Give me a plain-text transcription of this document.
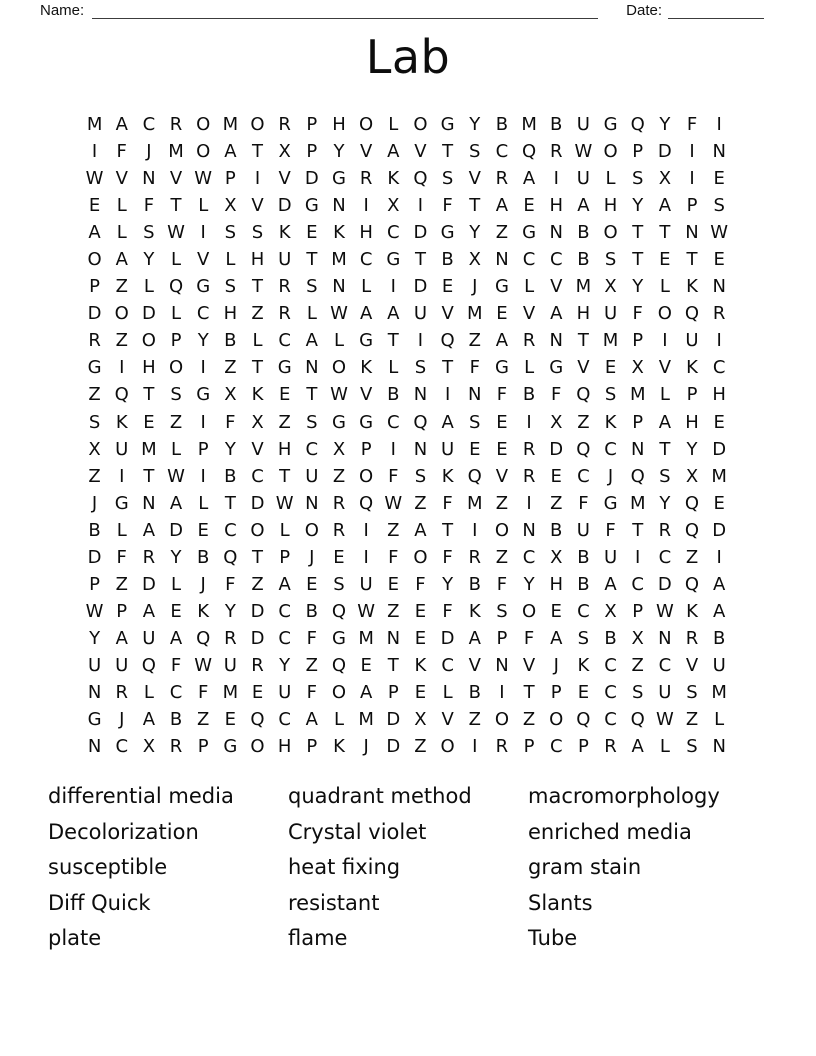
Name:	Date:
Lab
M A C R O M O R P H O L O G Y B M B U G Q Y F	I
I	F	J M O A T X P Y V A V T S C Q R W O P D I N
W V N V W P	I	V D G R K Q S V R A	I U L S X	I	E
E L F T L X V D G N I	X	I	F T A E H A H Y A P S
A L S W I	S S K E K H C D G Y Z G N B O T T N W
O A Y L V L H U T M C G T B X N C C B S T E T E
P Z L Q G S T R S N L	I D E	J G L V M X Y L K N
D O D L C H Z R L W A A U V M E V A H U F O Q R
R Z O P Y B L C A L G T	I Q Z A R N T M P	I U I
G I H O I	Z T G N O K L S T F G L G V E X V K C
Z Q T S G X K E T W V B N I N F B F Q S M L P H
S K E Z	I	F X Z S G G C Q A S E	I	X Z K P A H E
X U M L P Y V H C X P	I N U E E R D Q C N T Y D
Z	I	T W I	B C T U Z O F S K Q V R E C	J Q S X M
J G N A L T D W N R Q W Z F M Z	I	Z F G M Y Q E
B L A D E C O L O R	I	Z A T	I O N B U F T R Q D
D F R Y B Q T P	J	E	I	F O F R Z C X B U I	C Z	I
P Z D L	J	F Z A E S U E F Y B F Y H B A C D Q A
W P A E K Y D C B Q W Z E F K S O E C X P W K A
Y A U A Q R D C F G M N E D A P F A S B X N R B
U U Q F W U R Y Z Q E T K C V N V	J	K C Z C V U
N R L C F M E U F O A P E L B	I	T P E C S U S M
G J	A B Z E Q C A L M D X V Z O Z O Q C Q W Z L
N C X R P G O H P K	J D Z O I	R P C P R A L S N
differential media
Decolorization
susceptible
Diff Quick
plate
quadrant method
Crystal violet
heat fixing
resistant
flame
macromorphology
enriched media
gram stain
Slants
Tube
